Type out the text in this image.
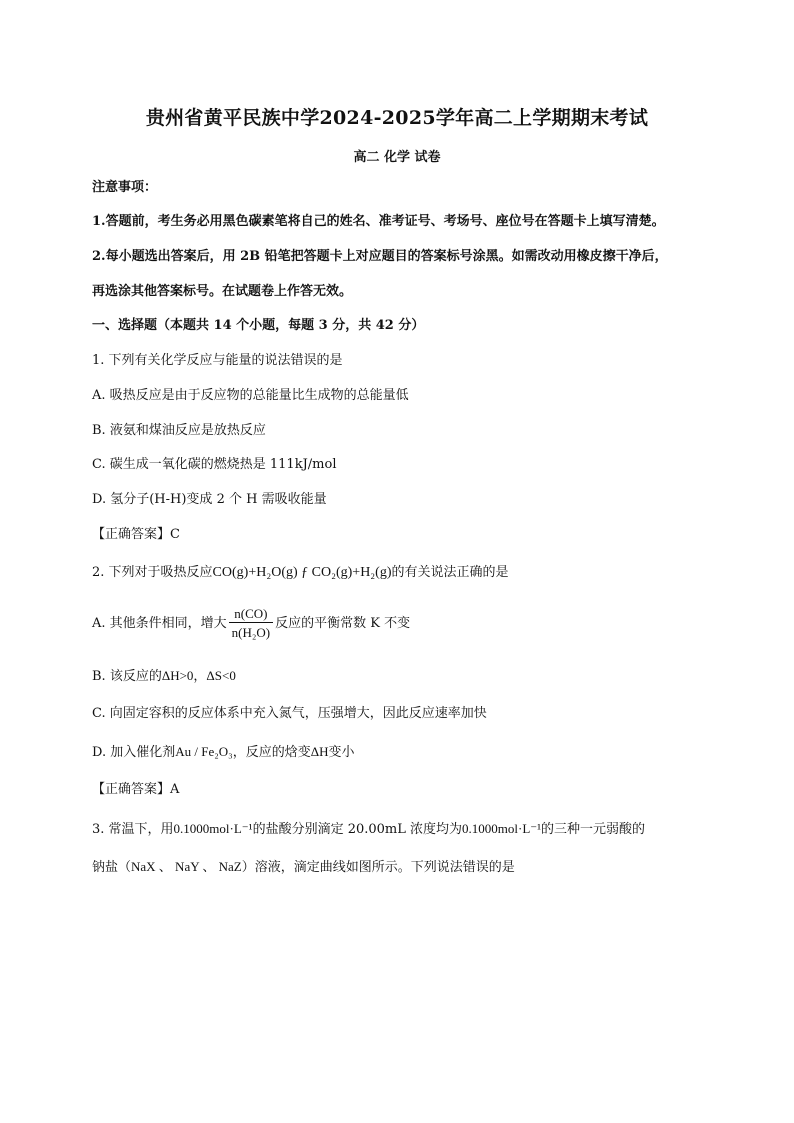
贵州省黄平民族中学2024-2025学年高二上学期期末考试
高二 化学 试卷
注意事项：
1.答题前，考生务必用黑色碳素笔将自己的姓名、准考证号、考场号、座位号在答题卡上填写清楚。
2.每小题选出答案后，用 2B 铅笔把答题卡上对应题目的答案标号涂黑。如需改动用橡皮擦干净后，
再选涂其他答案标号。在试题卷上作答无效。
一、选择题（本题共 14 个小题，每题 3 分，共 42 分）
1. 下列有关化学反应与能量的说法错误的是
A. 吸热反应是由于反应物的总能量比生成物的总能量低
B. 液氨和煤油反应是放热反应
C. 碳生成一氧化碳的燃烧热是 111kJ/mol
D. 氢分子(H-H)变成 2 个 H 需吸收能量
【正确答案】C
2. 下列对于吸热反应CO(g)+H₂O(g) ƒ CO₂(g)+H₂(g)的有关说法正确的是
A. 其他条件相同，增大 $\frac{n(CO)}{\text{n(H₂O)}}$ 反应的平衡常数 K 不变
B. 该反应的ΔH>0，ΔS<0
C. 向固定容积的反应体系中充入氮气，压强增大，因此反应速率加快
D. 加入催化剂Au / Fe₂O₃，反应的焓变ΔH变小
【正确答案】A
3. 常温下，用0.1000mol·L⁻¹的盐酸分别滴定 20.00mL 浓度均为0.1000mol·L⁻¹的三种一元弱酸的
钠盐（NaX 、 NaY 、 NaZ）溶液，滴定曲线如图所示。下列说法错误的是
